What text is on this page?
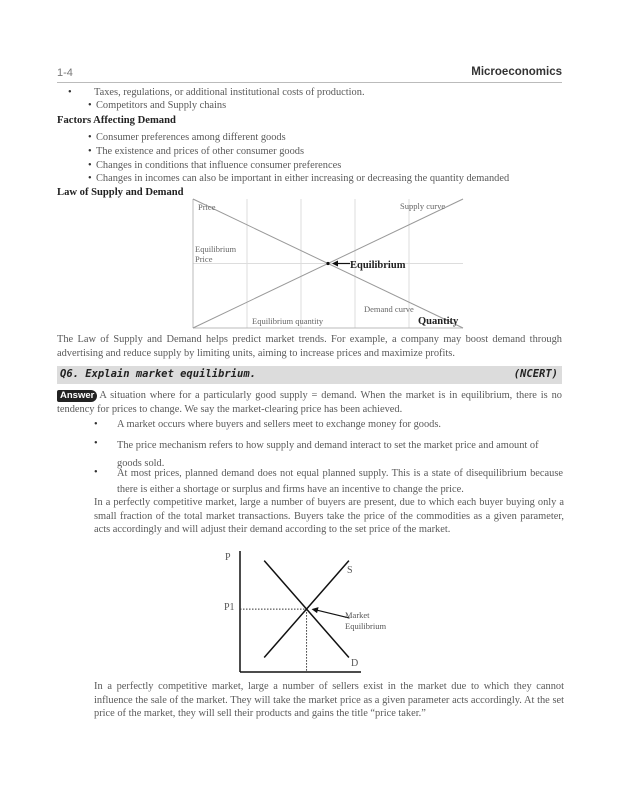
1-4	Microeconomics
• Taxes, regulations, or additional institutional costs of production.
• Competitors and Supply chains
Factors Affecting Demand
• Consumer preferences among different goods
• The existence and prices of other consumer goods
• Changes in conditions that influence consumer preferences
• Changes in incomes can also be important in either increasing or decreasing the quantity demanded
Law of Supply and Demand
Price	Supply curve
Equilibrium
Price
Equilibrium
Demand curve
Equilibrium quantity	Quantity
The Law of Supply and Demand helps predict market trends. For example, a company may boost demand through advertising and reduce supply by limiting units, aiming to increase prices and maximize profits.
Q6. Explain market equilibrium.	(NCERT)
Answer A situation where for a particularly good supply = demand. When the market is in equilibrium, there is no tendency for prices to change. We say the market-clearing price has been achieved.
• A market occurs where buyers and sellers meet to exchange money for goods.
• The price mechanism refers to how supply and demand interact to set the market price and amount of goods sold.
• At most prices, planned demand does not equal planned supply. This is a state of disequilibrium because there is either a shortage or surplus and firms have an incentive to change the price.
In a perfectly competitive market, large a number of buyers are present, due to which each buyer buying only a small fraction of the total market transactions. Buyers take the price of the commodities as a given parameter, acts accordingly and will adjust their demand according to the set price of the market.
P
P1
S
D
Market
Equilibrium
In a perfectly competitive market, large a number of sellers exist in the market due to which they cannot influence the sale of the market. They will take the market price as a given parameter acts accordingly. At the set price of the market, they will sell their products and gains the title “price taker.”
